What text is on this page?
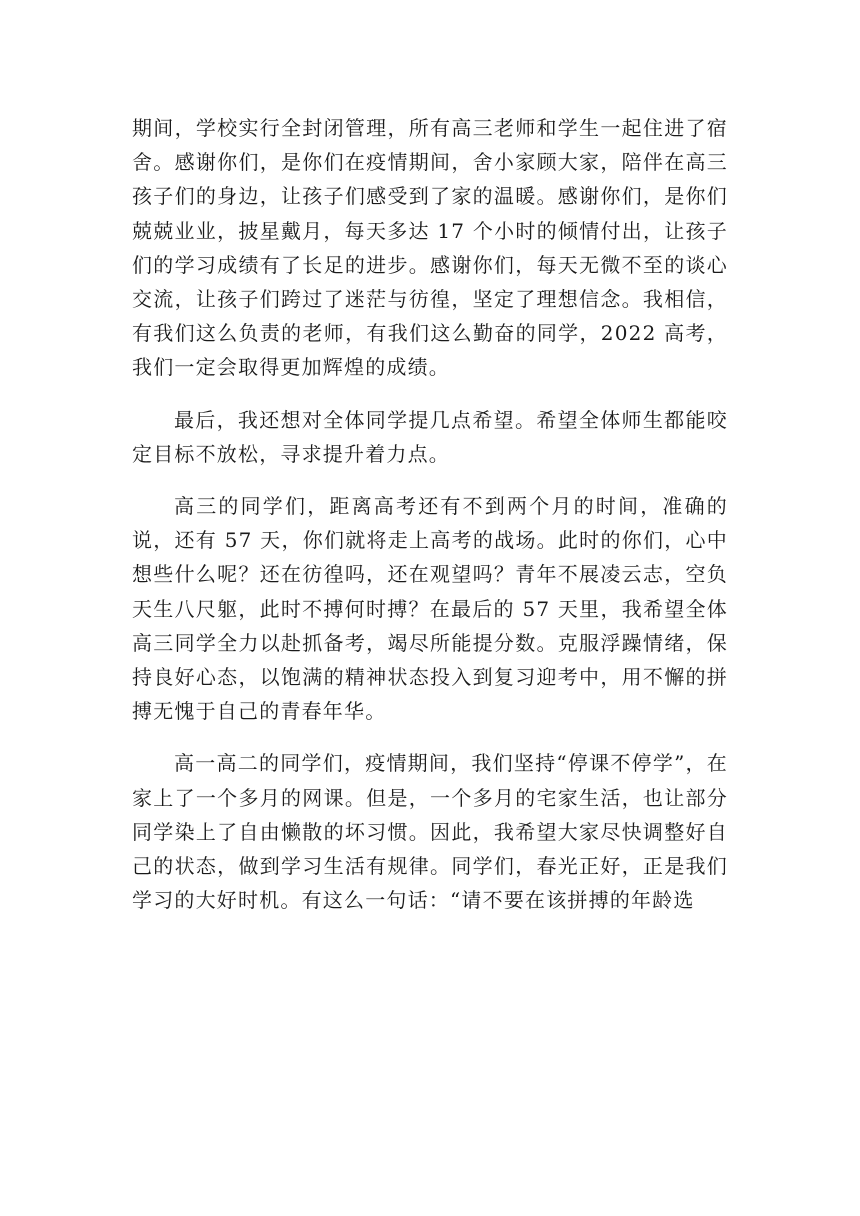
期间，学校实行全封闭管理，所有高三老师和学生一起住进了宿舍。感谢你们，是你们在疫情期间，舍小家顾大家，陪伴在高三孩子们的身边，让孩子们感受到了家的温暖。感谢你们，是你们兢兢业业，披星戴月，每天多达 17 个小时的倾情付出，让孩子们的学习成绩有了长足的进步。感谢你们，每天无微不至的谈心交流，让孩子们跨过了迷茫与彷徨，坚定了理想信念。我相信，有我们这么负责的老师，有我们这么勤奋的同学，2022 高考，我们一定会取得更加辉煌的成绩。

最后，我还想对全体同学提几点希望。希望全体师生都能咬定目标不放松，寻求提升着力点。

高三的同学们，距离高考还有不到两个月的时间，准确的说，还有 57 天，你们就将走上高考的战场。此时的你们，心中想些什么呢？还在彷徨吗，还在观望吗？青年不展凌云志，空负天生八尺躯，此时不搏何时搏？在最后的 57 天里，我希望全体高三同学全力以赴抓备考，竭尽所能提分数。克服浮躁情绪，保持良好心态，以饱满的精神状态投入到复习迎考中，用不懈的拼搏无愧于自己的青春年华。

高一高二的同学们，疫情期间，我们坚持“停课不停学”，在家上了一个多月的网课。但是，一个多月的宅家生活，也让部分同学染上了自由懒散的坏习惯。因此，我希望大家尽快调整好自己的状态，做到学习生活有规律。同学们，春光正好，正是我们学习的大好时机。有这么一句话：“请不要在该拼搏的年龄选
